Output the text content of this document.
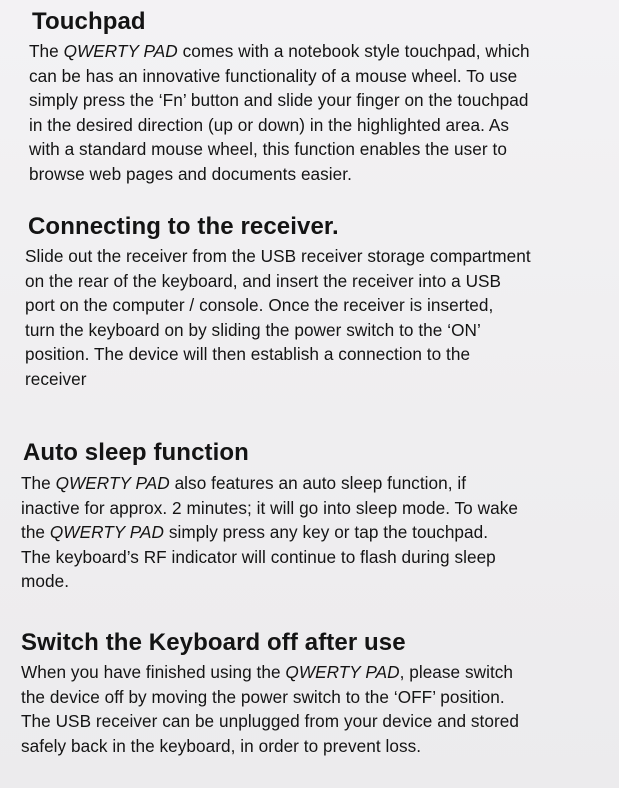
Touchpad
The QWERTY PAD comes with a notebook style touchpad, which
can be has an innovative functionality of a mouse wheel. To use
simply press the ‘Fn’ button and slide your finger on the touchpad
in the desired direction (up or down) in the highlighted area. As
with a standard mouse wheel, this function enables the user to
browse web pages and documents easier.
Connecting to the receiver.
Slide out the receiver from the USB receiver storage compartment
on the rear of the keyboard, and insert the receiver into a USB
port on the computer / console. Once the receiver is inserted,
turn the keyboard on by sliding the power switch to the ‘ON’
position. The device will then establish a connection to the
receiver
Auto sleep function
The QWERTY PAD also features an auto sleep function, if
inactive for approx. 2 minutes; it will go into sleep mode. To wake
the QWERTY PAD simply press any key or tap the touchpad.
The keyboard’s RF indicator will continue to flash during sleep
mode.
Switch the Keyboard off after use
When you have finished using the QWERTY PAD, please switch
the device off by moving the power switch to the ‘OFF’ position.
The USB receiver can be unplugged from your device and stored
safely back in the keyboard, in order to prevent loss.
